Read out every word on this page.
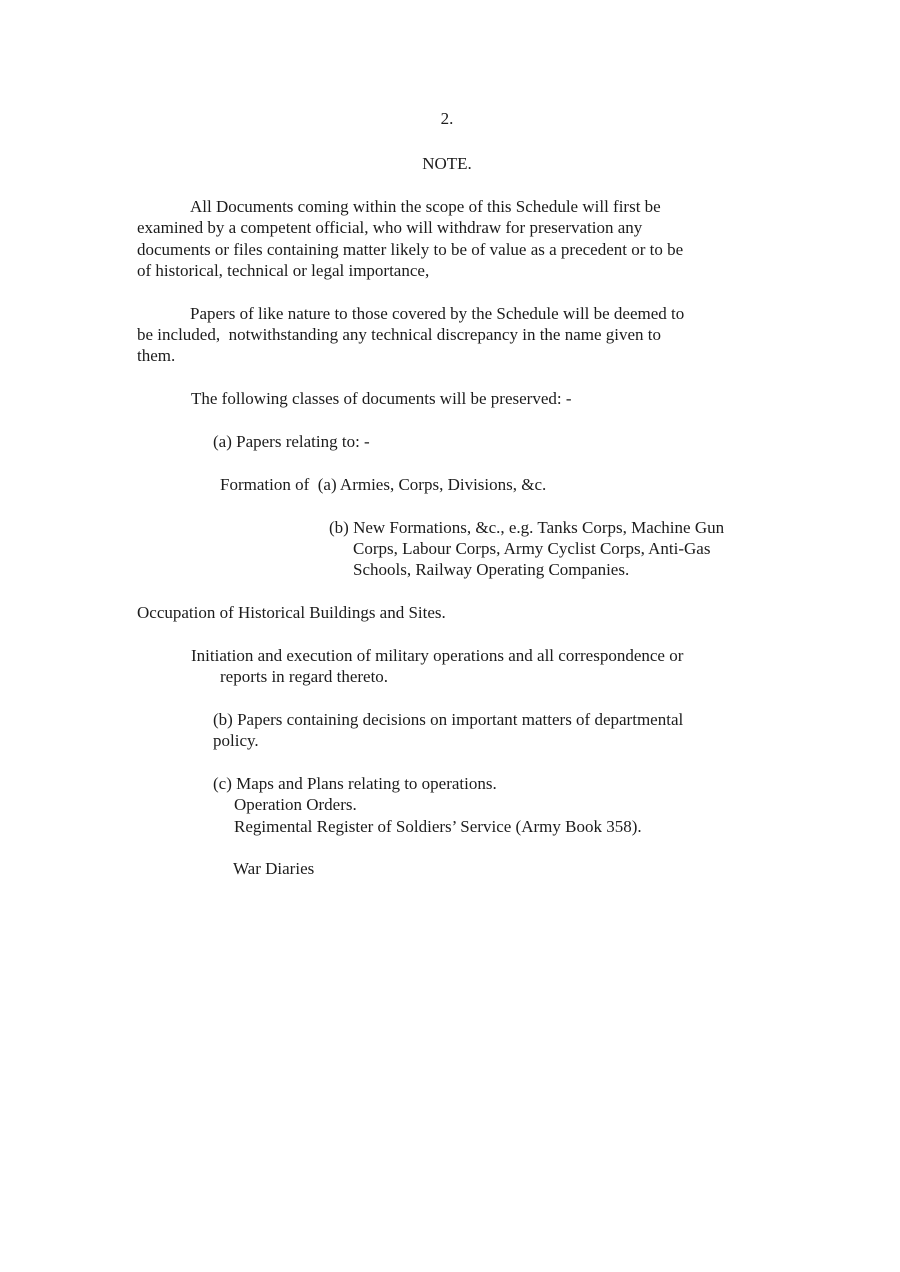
2.
NOTE.
All Documents coming within the scope of this Schedule will first be
examined by a competent official, who will withdraw for preservation any
documents or files containing matter likely to be of value as a precedent or to be
of historical, technical or legal importance,
Papers of like nature to those covered by the Schedule will be deemed to
be included,  notwithstanding any technical discrepancy in the name given to
them.
The following classes of documents will be preserved: -
(a) Papers relating to: -
Formation of  (a) Armies, Corps, Divisions, &c.
(b) New Formations, &c., e.g. Tanks Corps, Machine Gun
Corps, Labour Corps, Army Cyclist Corps, Anti-Gas
Schools, Railway Operating Companies.
Occupation of Historical Buildings and Sites.
Initiation and execution of military operations and all correspondence or
reports in regard thereto.
(b) Papers containing decisions on important matters of departmental
policy.
(c) Maps and Plans relating to operations.
Operation Orders.
Regimental Register of Soldiers’ Service (Army Book 358).
War Diaries
